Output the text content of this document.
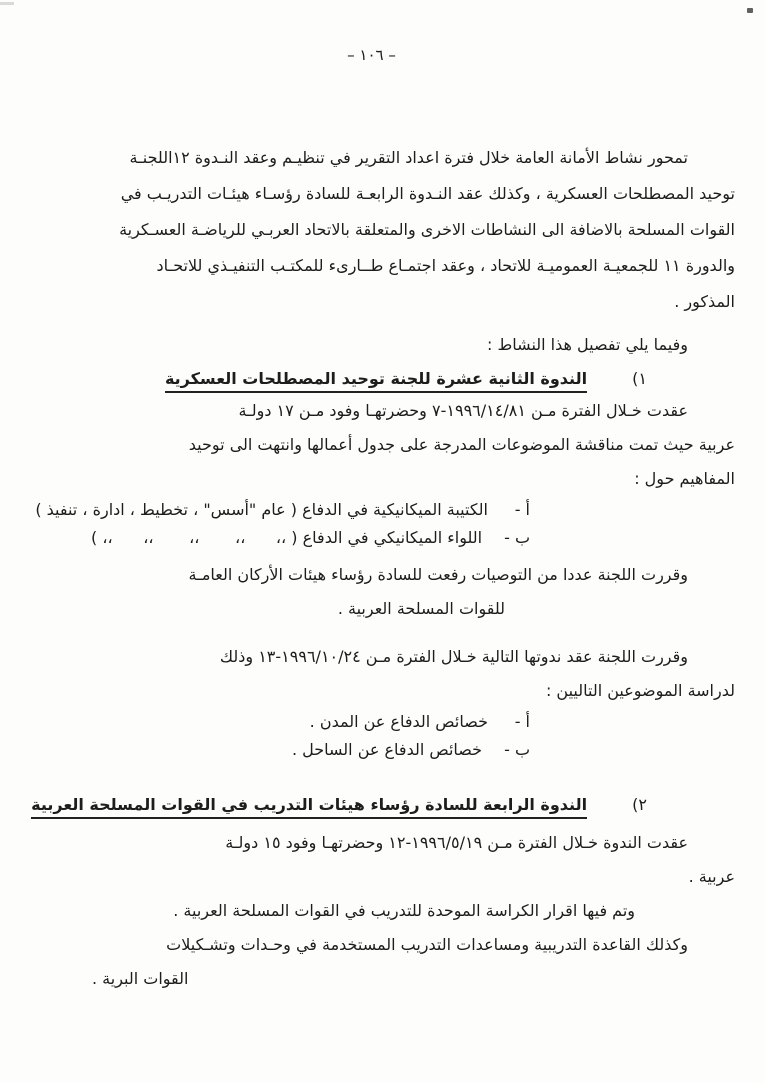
– ١٠٦ –
تمحور نشاط الأمانة العامة خلال فترة اعداد التقرير في تنظيـم وعقد النـدوة ١٢اللجنـة
توحيد المصطلحات العسكرية ، وكذلك عقد النـدوة الرابعـة للسادة رؤسـاء هيئـات التدريـب في
القوات المسلحة بالاضافة الى النشاطات الاخرى والمتعلقة بالاتحاد العربـي للرياضـة العسـكرية
والدورة ١١ للجمعيـة العموميـة للاتحاد ، وعقد اجتمـاع طــارىء للمكتـب التنفيـذي للاتحـاد
المذكور .
وفيما يلي تفصيل هذا النشاط :
١) الندوة الثانية عشرة للجنة توحيد المصطلحات العسكرية
عقدت خـلال الفترة مـن ⁦١٩٩٦/١٤/٨١-٧⁩ وحضرتهـا وفود مـن ١٧ دولـة
عربية حيث تمت مناقشة الموضوعات المدرجة على جدول أعمالها وانتهت الى توحيد
المفاهيم حول :
أ -الكتيبة الميكانيكية في الدفاع ( عام "أسس" ، تخطيط ، ادارة ، تنفيذ )
ب -اللواء الميكانيكي في الدفاع ( ،،      ،،       ،،       ،،      ،، )
وقررت اللجنة عددا من التوصيات رفعت للسادة رؤساء هيئات الأركان العامـة
للقوات المسلحة العربية .
وقررت اللجنة عقد ندوتها التالية خـلال الفترة مـن ⁦١٩٩٦/١٠/٢٤-١٣⁩ وذلك
لدراسة الموضوعين التاليين :
أ -خصائص الدفاع عن المدن .
ب -خصائص الدفاع عن الساحل .
٢) الندوة الرابعة للسادة رؤساء هيئات التدريب في القوات المسلحة العربية
عقدت الندوة خـلال الفترة مـن ⁦١٩٩٦/٥/١٩-١٢⁩ وحضرتهـا وفود ١٥ دولـة
عربية .
وتم فيها اقرار الكراسة الموحدة للتدريب في القوات المسلحة العربية .
وكذلك القاعدة التدريبية ومساعدات التدريب المستخدمة في وحـدات وتشـكيلات
القوات البرية .
